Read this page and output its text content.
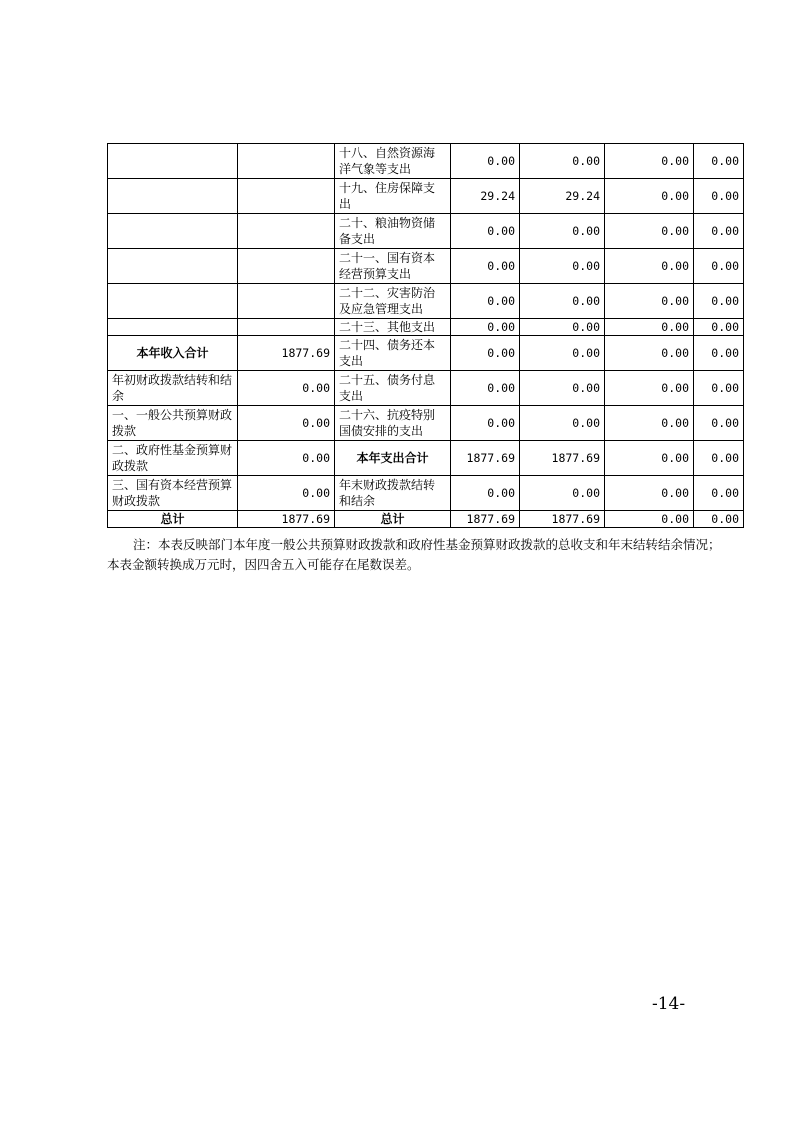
		十八、自然资源海洋气象等支出	0.00	0.00	0.00	0.00
		十九、住房保障支出	29.24	29.24	0.00	0.00
		二十、粮油物资储备支出	0.00	0.00	0.00	0.00
		二十一、国有资本经营预算支出	0.00	0.00	0.00	0.00
		二十二、灾害防治及应急管理支出	0.00	0.00	0.00	0.00
		二十三、其他支出	0.00	0.00	0.00	0.00
本年收入合计	1877.69	二十四、债务还本支出	0.00	0.00	0.00	0.00
年初财政拨款结转和结余	0.00	二十五、债务付息支出	0.00	0.00	0.00	0.00
一、一般公共预算财政拨款	0.00	二十六、抗疫特别国债安排的支出	0.00	0.00	0.00	0.00
二、政府性基金预算财政拨款	0.00	本年支出合计	1877.69	1877.69	0.00	0.00
三、国有资本经营预算财政拨款	0.00	年末财政拨款结转和结余	0.00	0.00	0.00	0.00
总计	1877.69	总计	1877.69	1877.69	0.00	0.00

注：本表反映部门本年度一般公共预算财政拨款和政府性基金预算财政拨款的总收支和年末结转结余情况；本表金额转换成万元时，因四舍五入可能存在尾数误差。

-14-
